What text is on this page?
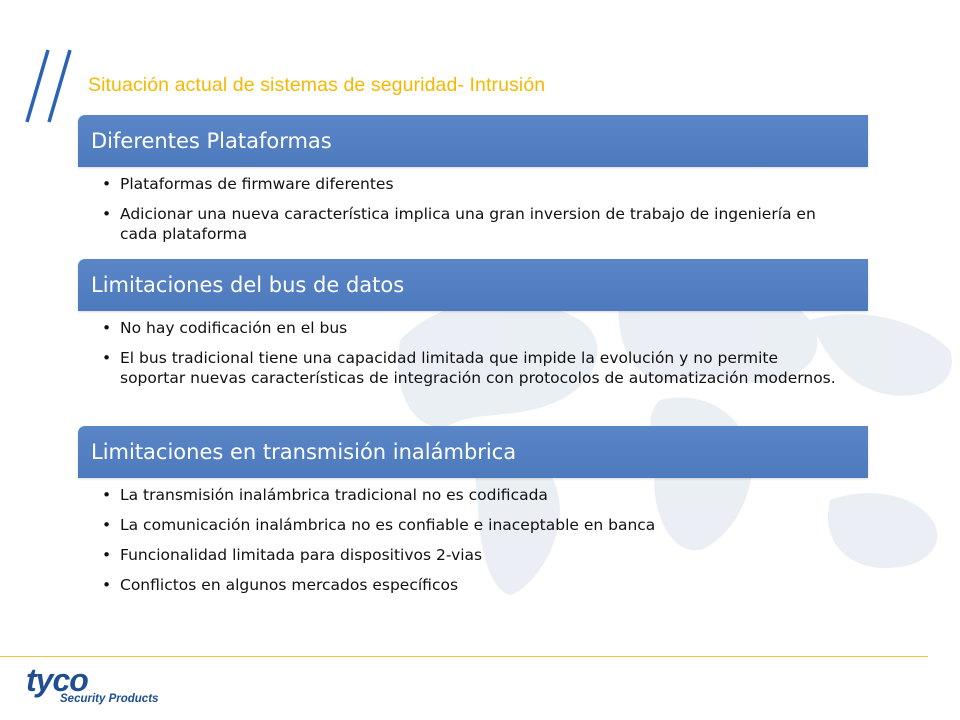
Situación actual de sistemas de seguridad- Intrusión
Diferentes Plataformas
• Plataformas de firmware diferentes
• Adicionar una nueva característica implica una gran inversion de trabajo de ingeniería en cada plataforma
Limitaciones del bus de datos
• No hay codificación en el bus
• El bus tradicional tiene una capacidad limitada que impide la evolución y no permite soportar nuevas características de integración con protocolos de automatización modernos.
Limitaciones en transmisión inalámbrica
• La transmisión inalámbrica tradicional no es codificada
• La comunicación inalámbrica no es confiable e inaceptable en banca
• Funcionalidad limitada para dispositivos 2-vias
• Conflictos en algunos mercados específicos
tyco
Security Products
